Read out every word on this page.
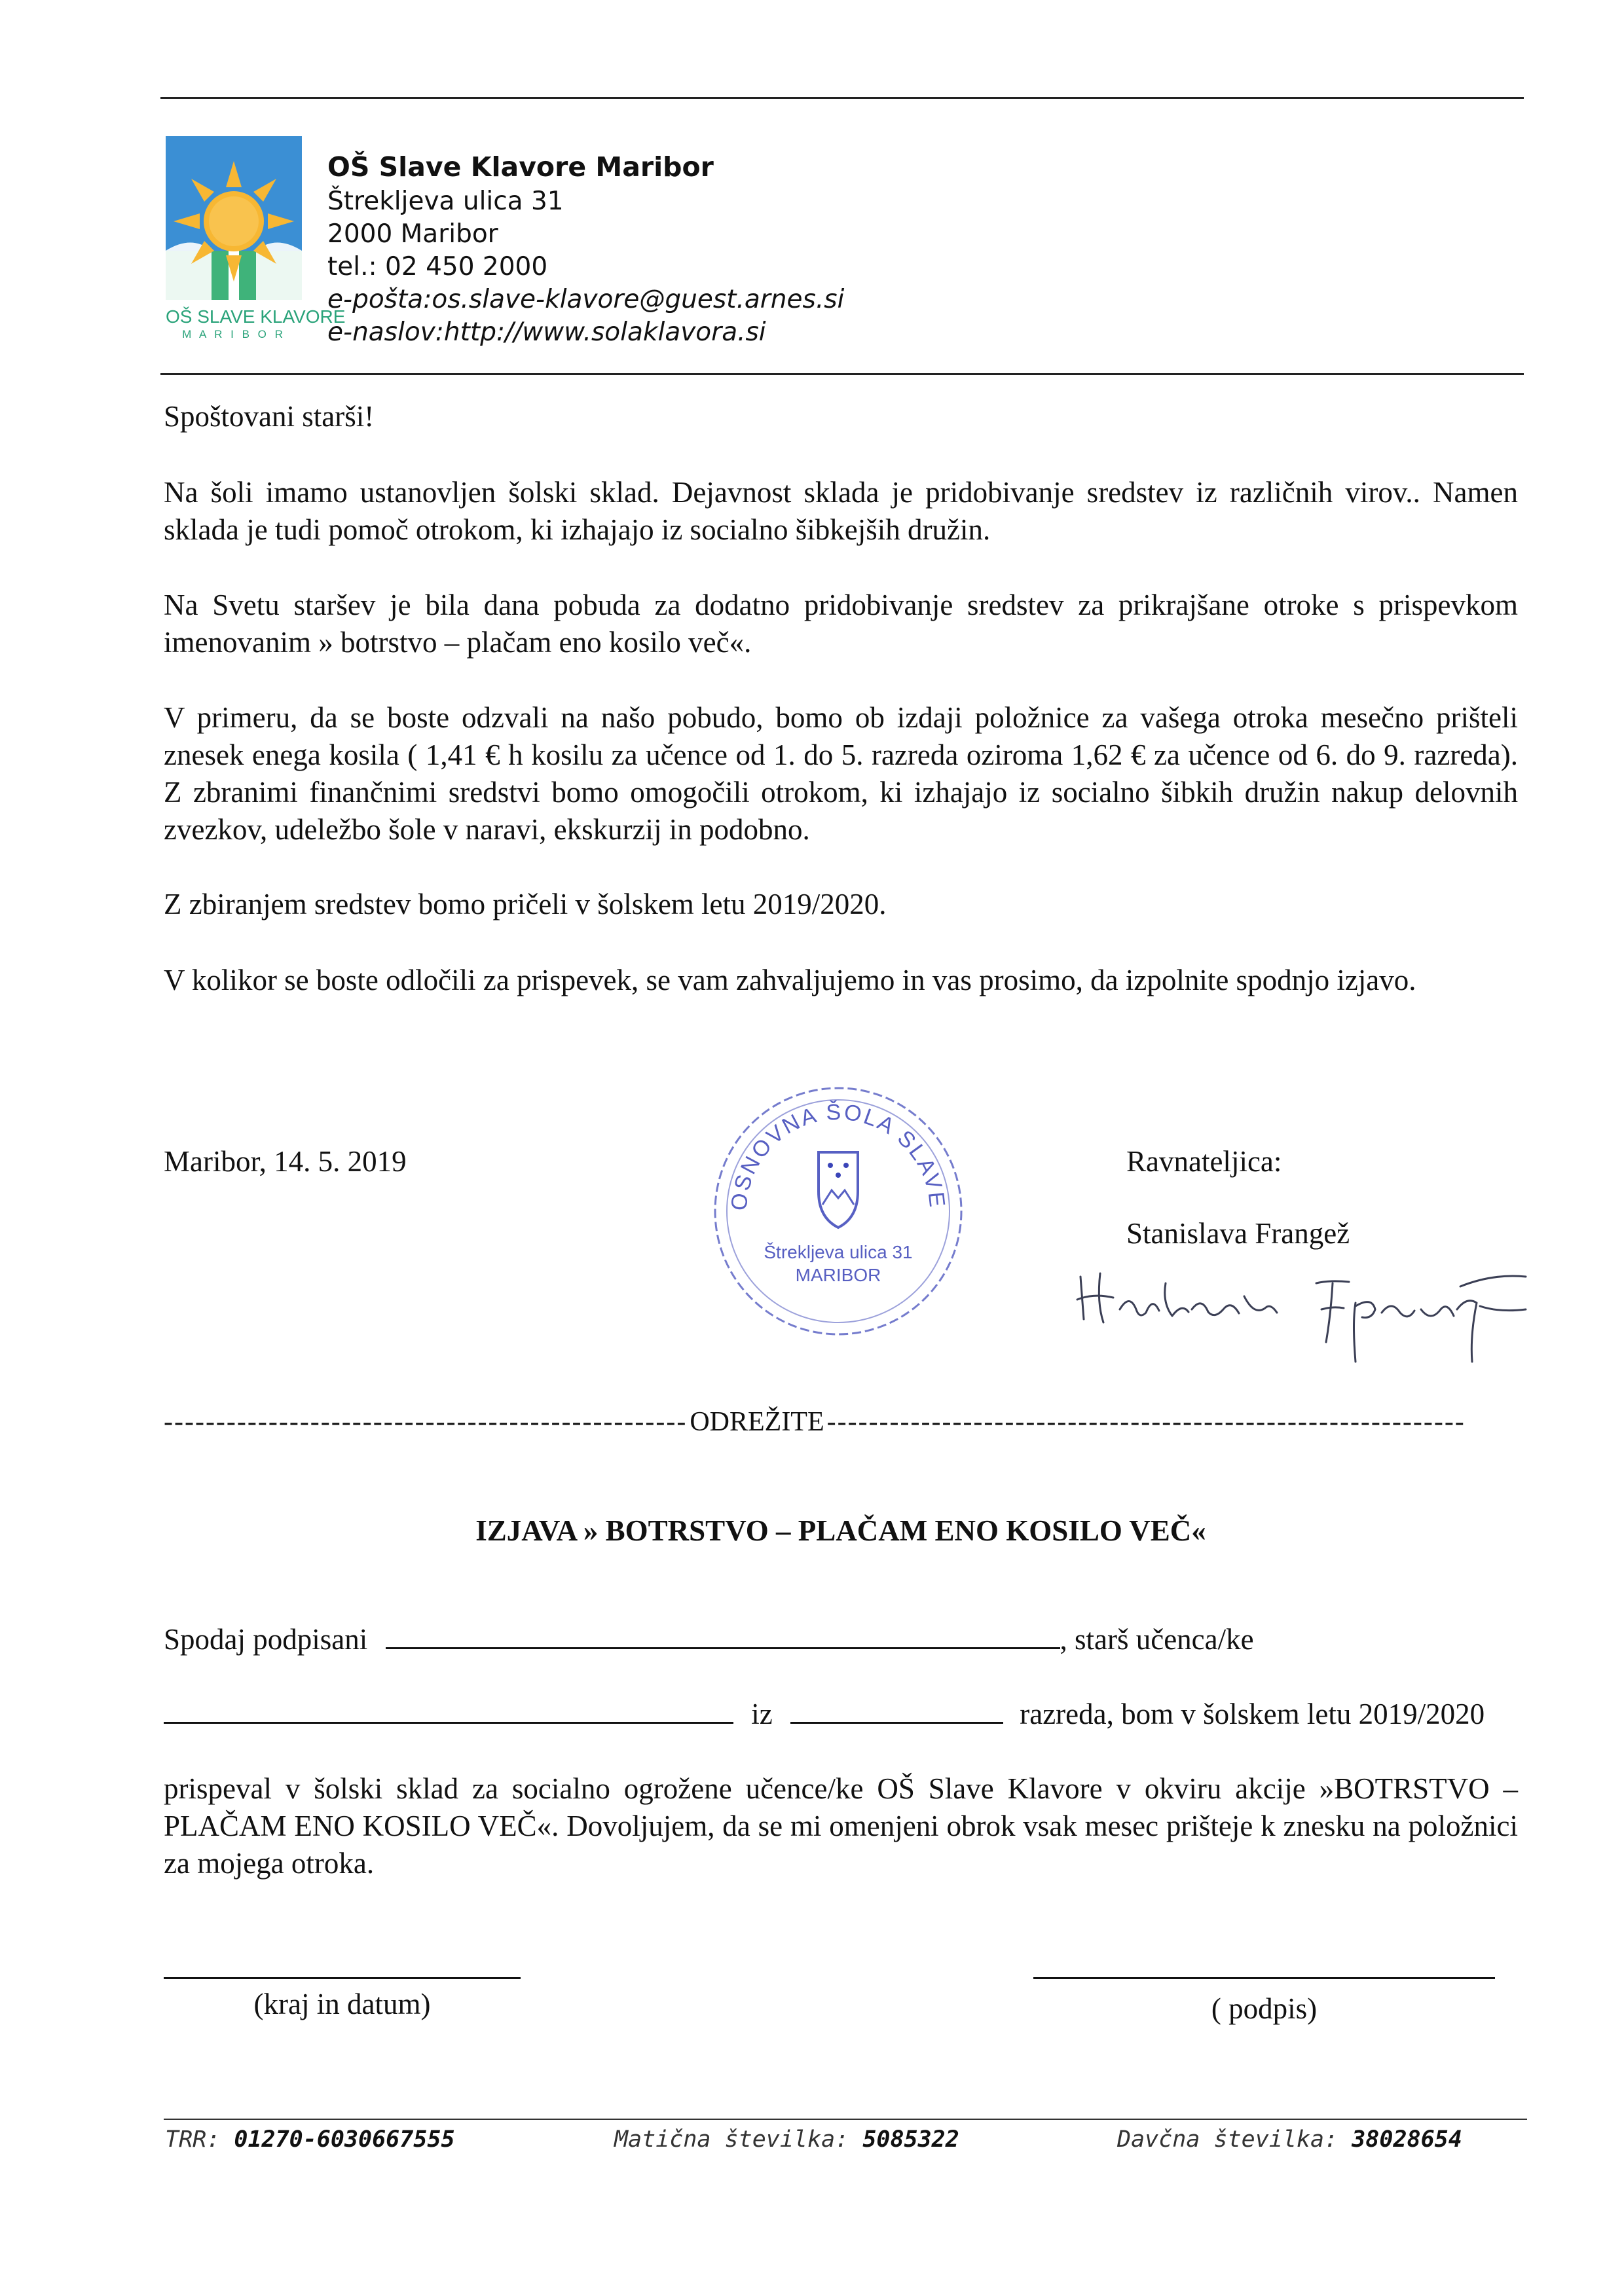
OŠ SLAVE KLAVORE
M A R I B O R
OŠ Slave Klavore Maribor
Štrekljeva ulica 31
2000 Maribor
tel.: 02 450 2000
e-pošta:os.slave-klavore@guest.arnes.si
e-naslov:http://www.solaklavora.si
Spoštovani starši!
Na šoli imamo ustanovljen šolski sklad. Dejavnost sklada je pridobivanje sredstev iz različnih virov.. Namen sklada je tudi pomoč otrokom, ki izhajajo iz socialno šibkejših družin.
Na Svetu staršev je bila dana pobuda za dodatno pridobivanje sredstev za prikrajšane otroke s prispevkom imenovanim » botrstvo – plačam eno kosilo več«.
V primeru, da se boste odzvali na našo pobudo, bomo ob izdaji položnice za vašega otroka mesečno prišteli znesek enega kosila ( 1,41 € h kosilu za učence od 1. do 5. razreda oziroma 1,62 € za učence od 6. do 9. razreda). Z zbranimi finančnimi sredstvi bomo omogočili otrokom, ki izhajajo iz socialno šibkih družin nakup delovnih zvezkov, udeležbo šole v naravi, ekskurzij in podobno.
Z zbiranjem sredstev bomo pričeli v šolskem letu 2019/2020.
V kolikor se boste odločili za prispevek, se vam zahvaljujemo in vas prosimo, da izpolnite spodnjo izjavo.
Maribor, 14. 5. 2019
OSNOVNA ŠOLA SLAVE
Štrekljeva ulica 31
MARIBOR
Ravnateljica:
Stanislava Frangež
-------------------------------------------------- ODREŽITE -------------------------------------------------------------
IZJAVA » BOTRSTVO – PLAČAM ENO KOSILO VEČ«
Spodaj podpisani	, starš učenca/ke
iz	razreda, bom v šolskem letu 2019/2020
prispeval v šolski sklad za socialno ogrožene učence/ke OŠ Slave Klavore v okviru akcije »BOTRSTVO – PLAČAM ENO KOSILO VEČ«. Dovoljujem, da se mi omenjeni obrok vsak mesec prišteje k znesku na položnici za mojega otroka.
(kraj in datum)	( podpis)
TRR: 01270-6030667555	Matična številka: 5085322	Davčna številka: 38028654
